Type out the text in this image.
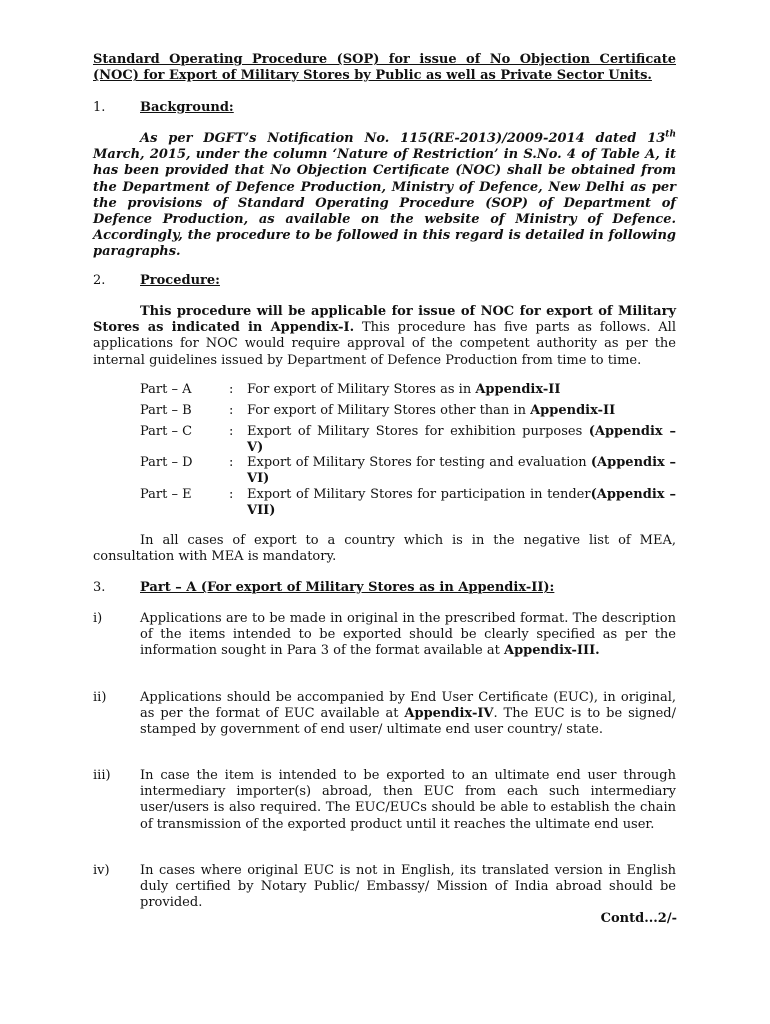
Standard Operating Procedure (SOP) for issue of No Objection Certificate
(NOC) for Export of Military Stores by Public as well as Private Sector Units.
1.	Background:

As per DGFT’s Notification No. 115(RE-2013)/2009-2014 dated 13th March, 2015, under the column ‘Nature of Restriction’ in S.No. 4 of Table A, it has been provided that No Objection Certificate (NOC) shall be obtained from the Department of Defence Production, Ministry of Defence, New Delhi as per the provisions of Standard Operating Procedure (SOP) of Department of Defence Production, as available on the website of Ministry of Defence. Accordingly, the procedure to be followed in this regard is detailed in following paragraphs.

2.	Procedure:

This procedure will be applicable for issue of NOC for export of Military Stores as indicated in Appendix-I. This procedure has five parts as follows. All applications for NOC would require approval of the competent authority as per the internal guidelines issued by Department of Defence Production from time to time.

Part – A	: For export of Military Stores as in Appendix-II
Part – B	: For export of Military Stores other than in Appendix-II
Part – C	: Export of Military Stores for exhibition purposes (Appendix – V)
Part – D	: Export of Military Stores for testing and evaluation (Appendix – VI)
Part – E	: Export of Military Stores for participation in tender(Appendix – VII)

In all cases of export to a country which is in the negative list of MEA, consultation with MEA is mandatory.

3.	Part – A (For export of Military Stores as in Appendix-II):
i)	Applications are to be made in original in the prescribed format. The description of the items intended to be exported should be clearly specified as per the information sought in Para 3 of the format available at Appendix-III.
ii)	Applications should be accompanied by End User Certificate (EUC), in original, as per the format of EUC available at Appendix-IV. The EUC is to be signed/ stamped by government of end user/ ultimate end user country/ state.
iii) In case the item is intended to be exported to an ultimate end user through intermediary importer(s) abroad, then EUC from each such intermediary user/users is also required. The EUC/EUCs should be able to establish the chain of transmission of the exported product until it reaches the ultimate end user.
iv) In cases where original EUC is not in English, its translated version in English duly certified by Notary Public/ Embassy/ Mission of India abroad should be provided.
Contd...2/-
